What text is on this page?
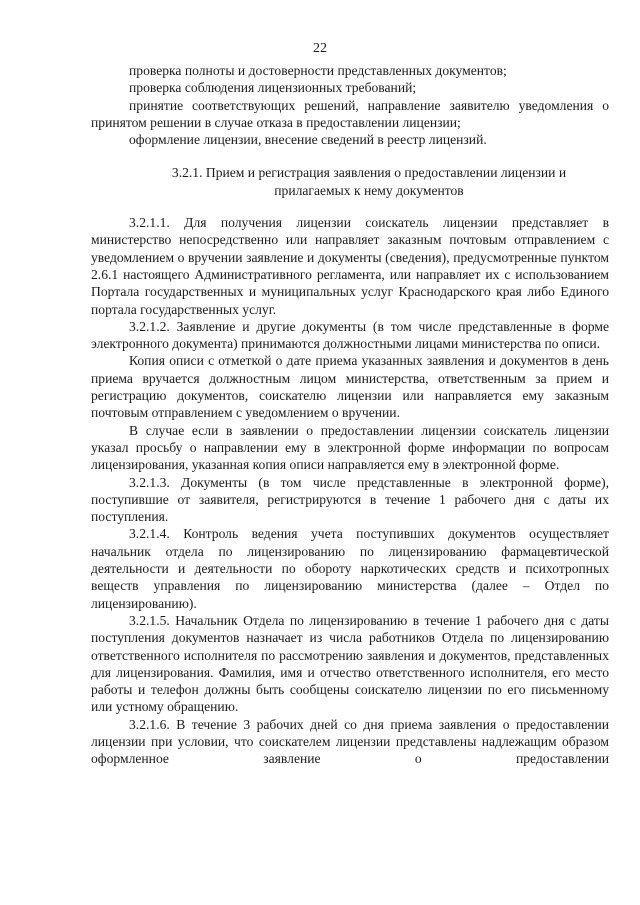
22

проверка полноты и достоверности представленных документов;

проверка соблюдения лицензионных требований;

принятие соответствующих решений, направление заявителю уведомления о принятом решении в случае отказа в предоставлении лицензии;

оформление лицензии, внесение сведений в реестр лицензий.

3.2.1. Прием и регистрация заявления о предоставлении лицензии и прилагаемых к нему документов

3.2.1.1. Для получения лицензии соискатель лицензии представляет в министерство непосредственно или направляет заказным почтовым отправлением с уведомлением о вручении заявление и документы (сведения), предусмотренные пунктом 2.6.1 настоящего Административного регламента, или направляет их с использованием Портала государственных и муниципальных услуг Краснодарского края либо Единого портала государственных услуг.

3.2.1.2. Заявление и другие документы (в том числе представленные в форме электронного документа) принимаются должностными лицами министерства по описи.

Копия описи с отметкой о дате приема указанных заявления и документов в день приема вручается должностным лицом министерства, ответственным за прием и регистрацию документов, соискателю лицензии или направляется ему заказным почтовым отправлением с уведомлением о вручении.

В случае если в заявлении о предоставлении лицензии соискатель лицензии указал просьбу о направлении ему в электронной форме информации по вопросам лицензирования, указанная копия описи направляется ему в электронной форме.

3.2.1.3. Документы (в том числе представленные в электронной форме), поступившие от заявителя, регистрируются в течение 1 рабочего дня с даты их поступления.

3.2.1.4. Контроль ведения учета поступивших документов осуществляет начальник отдела по лицензированию по лицензированию фармацевтической деятельности и деятельности по обороту наркотических средств и психотропных веществ управления по лицензированию министерства (далее – Отдел по лицензированию).

3.2.1.5. Начальник Отдела по лицензированию в течение 1 рабочего дня с даты поступления документов назначает из числа работников Отдела по лицензированию ответственного исполнителя по рассмотрению заявления и документов, представленных для лицензирования. Фамилия, имя и отчество ответственного исполнителя, его место работы и телефон должны быть сообщены соискателю лицензии по его письменному или устному обращению.

3.2.1.6. В течение 3 рабочих дней со дня приема заявления о предоставлении лицензии при условии, что соискателем лицензии представлены надлежащим образом оформленное заявление о предоставлении
